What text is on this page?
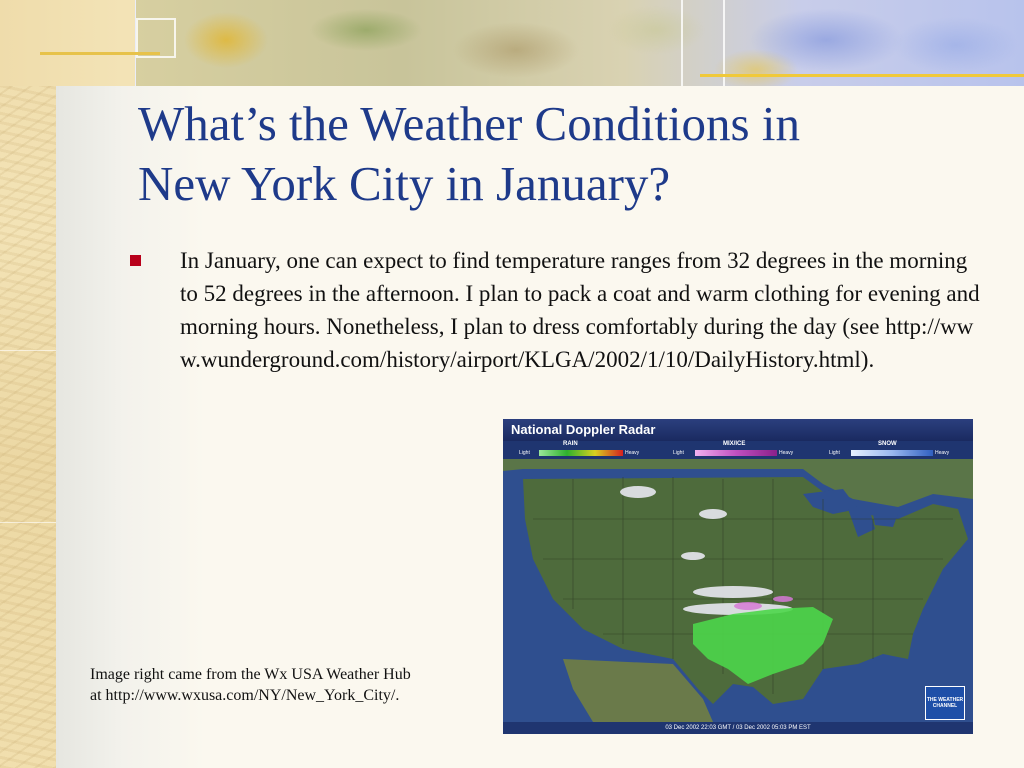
What’s the Weather Conditions in
New York City in January?
In January, one can expect to find temperature ranges from 32 degrees in the morning to 52 degrees in the afternoon. I plan to pack a coat and warm clothing for evening and morning hours. Nonetheless, I plan to dress comfortably during the day (see http://www.wunderground.com/history/airport/KLGA/2002/1/10/DailyHistory.html).
National Doppler Radar
RAIN	MIX/ICE	SNOW
Light	Heavy	Light	Heavy	Light	Heavy
THE WEATHER CHANNEL
03 Dec 2002 22:03 GMT / 03 Dec 2002 05:03 PM EST
Image right came from the Wx USA Weather Hub
at http://www.wxusa.com/NY/New_York_City/.
